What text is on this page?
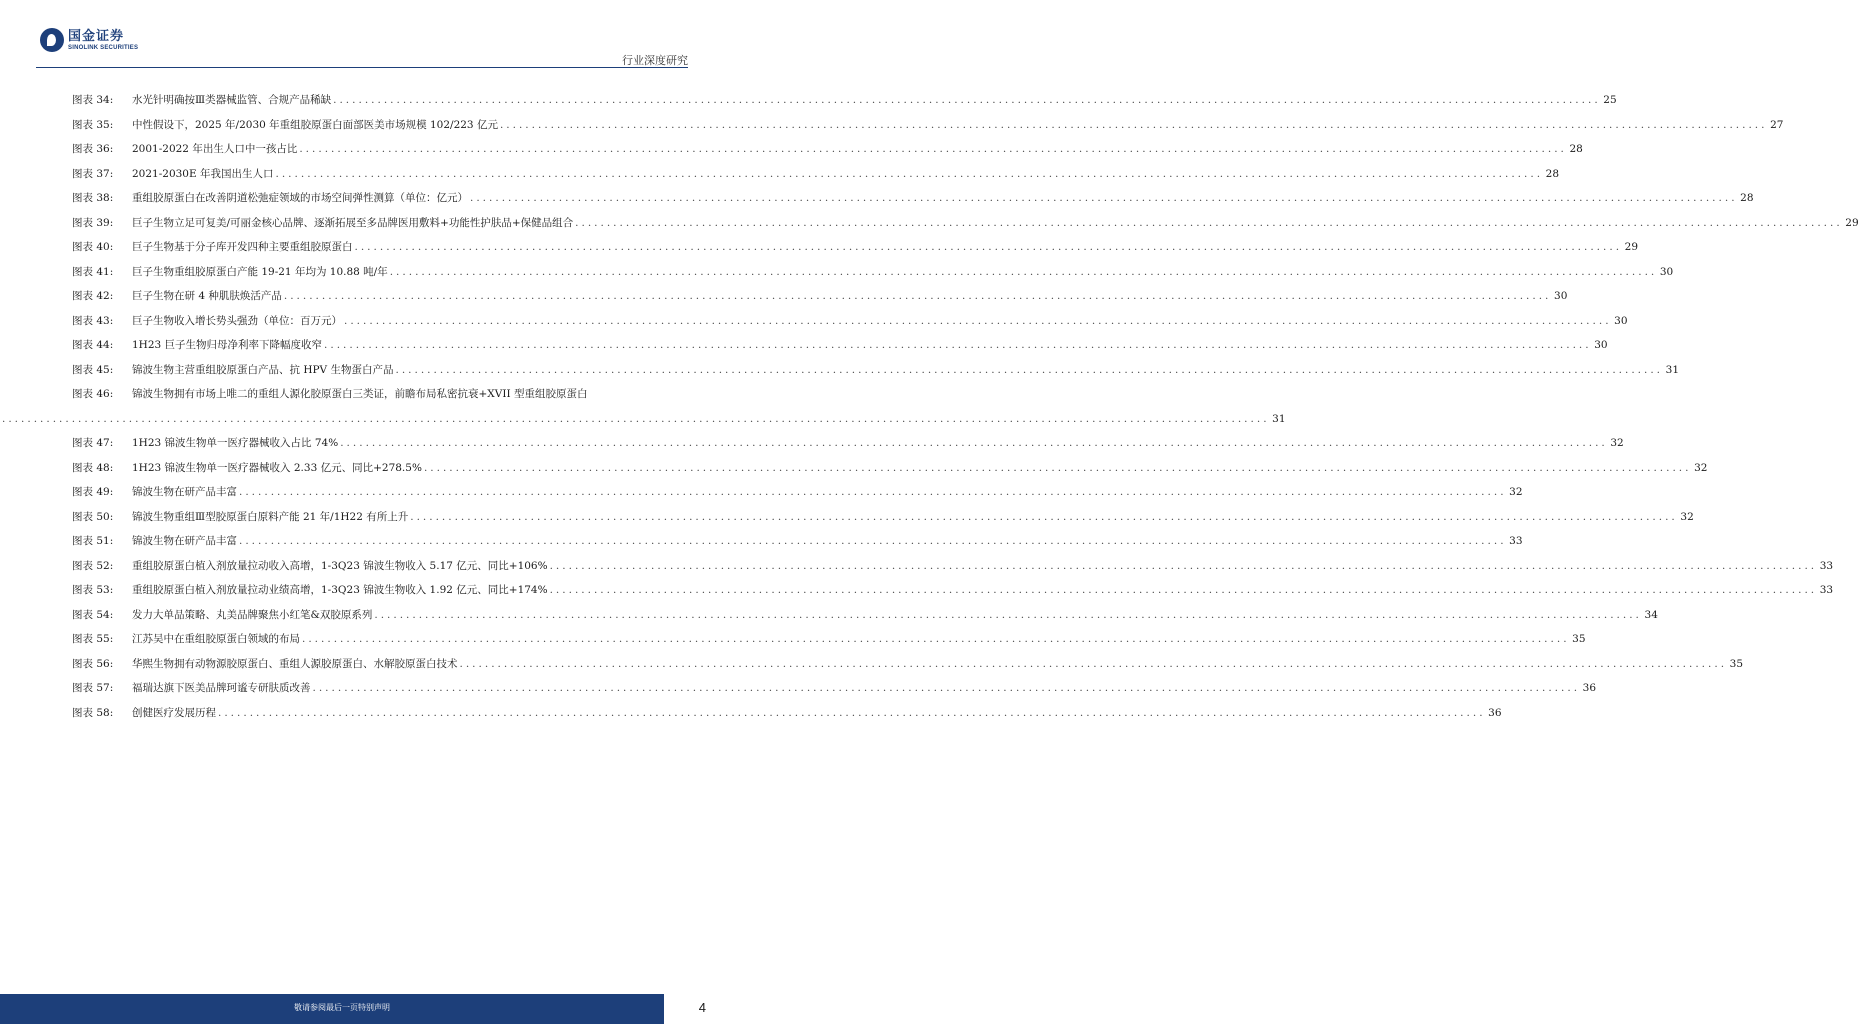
国金证券
SINOLINK SECURITIES
行业深度研究
图表 34:	水光针明确按Ⅲ类器械监管、合规产品稀缺 ........................................................................................................................................................................................................ 25
图表 35:	中性假设下，2025 年/2030 年重组胶原蛋白面部医美市场规模 102/223 亿元 ........................................................................................................................................................................................................ 27
图表 36:	2001-2022 年出生人口中一孩占比 ........................................................................................................................................................................................................ 28
图表 37:	2021-2030E 年我国出生人口 ........................................................................................................................................................................................................ 28
图表 38:	重组胶原蛋白在改善阴道松弛症领域的市场空间弹性测算（单位：亿元） ........................................................................................................................................................................................................ 28
图表 39:	巨子生物立足可复美/可丽金核心品牌、逐渐拓展至多品牌医用敷料+功能性护肤品+保健品组合 ........................................................................................................................................................................................................ 29
图表 40:	巨子生物基于分子库开发四种主要重组胶原蛋白 ........................................................................................................................................................................................................ 29
图表 41:	巨子生物重组胶原蛋白产能 19-21 年均为 10.88 吨/年 ........................................................................................................................................................................................................ 30
图表 42:	巨子生物在研 4 种肌肤焕活产品 ........................................................................................................................................................................................................ 30
图表 43:	巨子生物收入增长势头强劲（单位：百万元） ........................................................................................................................................................................................................ 30
图表 44:	1H23 巨子生物归母净利率下降幅度收窄 ........................................................................................................................................................................................................ 30
图表 45:	锦波生物主营重组胶原蛋白产品、抗 HPV 生物蛋白产品 ........................................................................................................................................................................................................ 31
图表 46:	锦波生物拥有市场上唯二的重组人源化胶原蛋白三类证，前瞻布局私密抗衰+XVII 型重组胶原蛋白
........................................................................................................................................................................................................ 31
图表 47:	1H23 锦波生物单一医疗器械收入占比 74% ........................................................................................................................................................................................................ 32
图表 48:	1H23 锦波生物单一医疗器械收入 2.33 亿元、同比+278.5% ........................................................................................................................................................................................................ 32
图表 49:	锦波生物在研产品丰富 ........................................................................................................................................................................................................ 32
图表 50:	锦波生物重组Ⅲ型胶原蛋白原料产能 21 年/1H22 有所上升 ........................................................................................................................................................................................................ 32
图表 51:	锦波生物在研产品丰富 ........................................................................................................................................................................................................ 33
图表 52:	重组胶原蛋白植入剂放量拉动收入高增，1-3Q23 锦波生物收入 5.17 亿元、同比+106% ........................................................................................................................................................................................................ 33
图表 53:	重组胶原蛋白植入剂放量拉动业绩高增，1-3Q23 锦波生物收入 1.92 亿元、同比+174% ........................................................................................................................................................................................................ 33
图表 54:	发力大单品策略、丸美品牌聚焦小红笔&双胶原系列 ........................................................................................................................................................................................................ 34
图表 55:	江苏吴中在重组胶原蛋白领域的布局 ........................................................................................................................................................................................................ 35
图表 56:	华熙生物拥有动物源胶原蛋白、重组人源胶原蛋白、水解胶原蛋白技术 ........................................................................................................................................................................................................ 35
图表 57:	福瑞达旗下医美品牌珂谧专研肤质改善 ........................................................................................................................................................................................................ 36
图表 58:	创健医疗发展历程 ........................................................................................................................................................................................................ 36
敬请参阅最后一页特别声明	4
